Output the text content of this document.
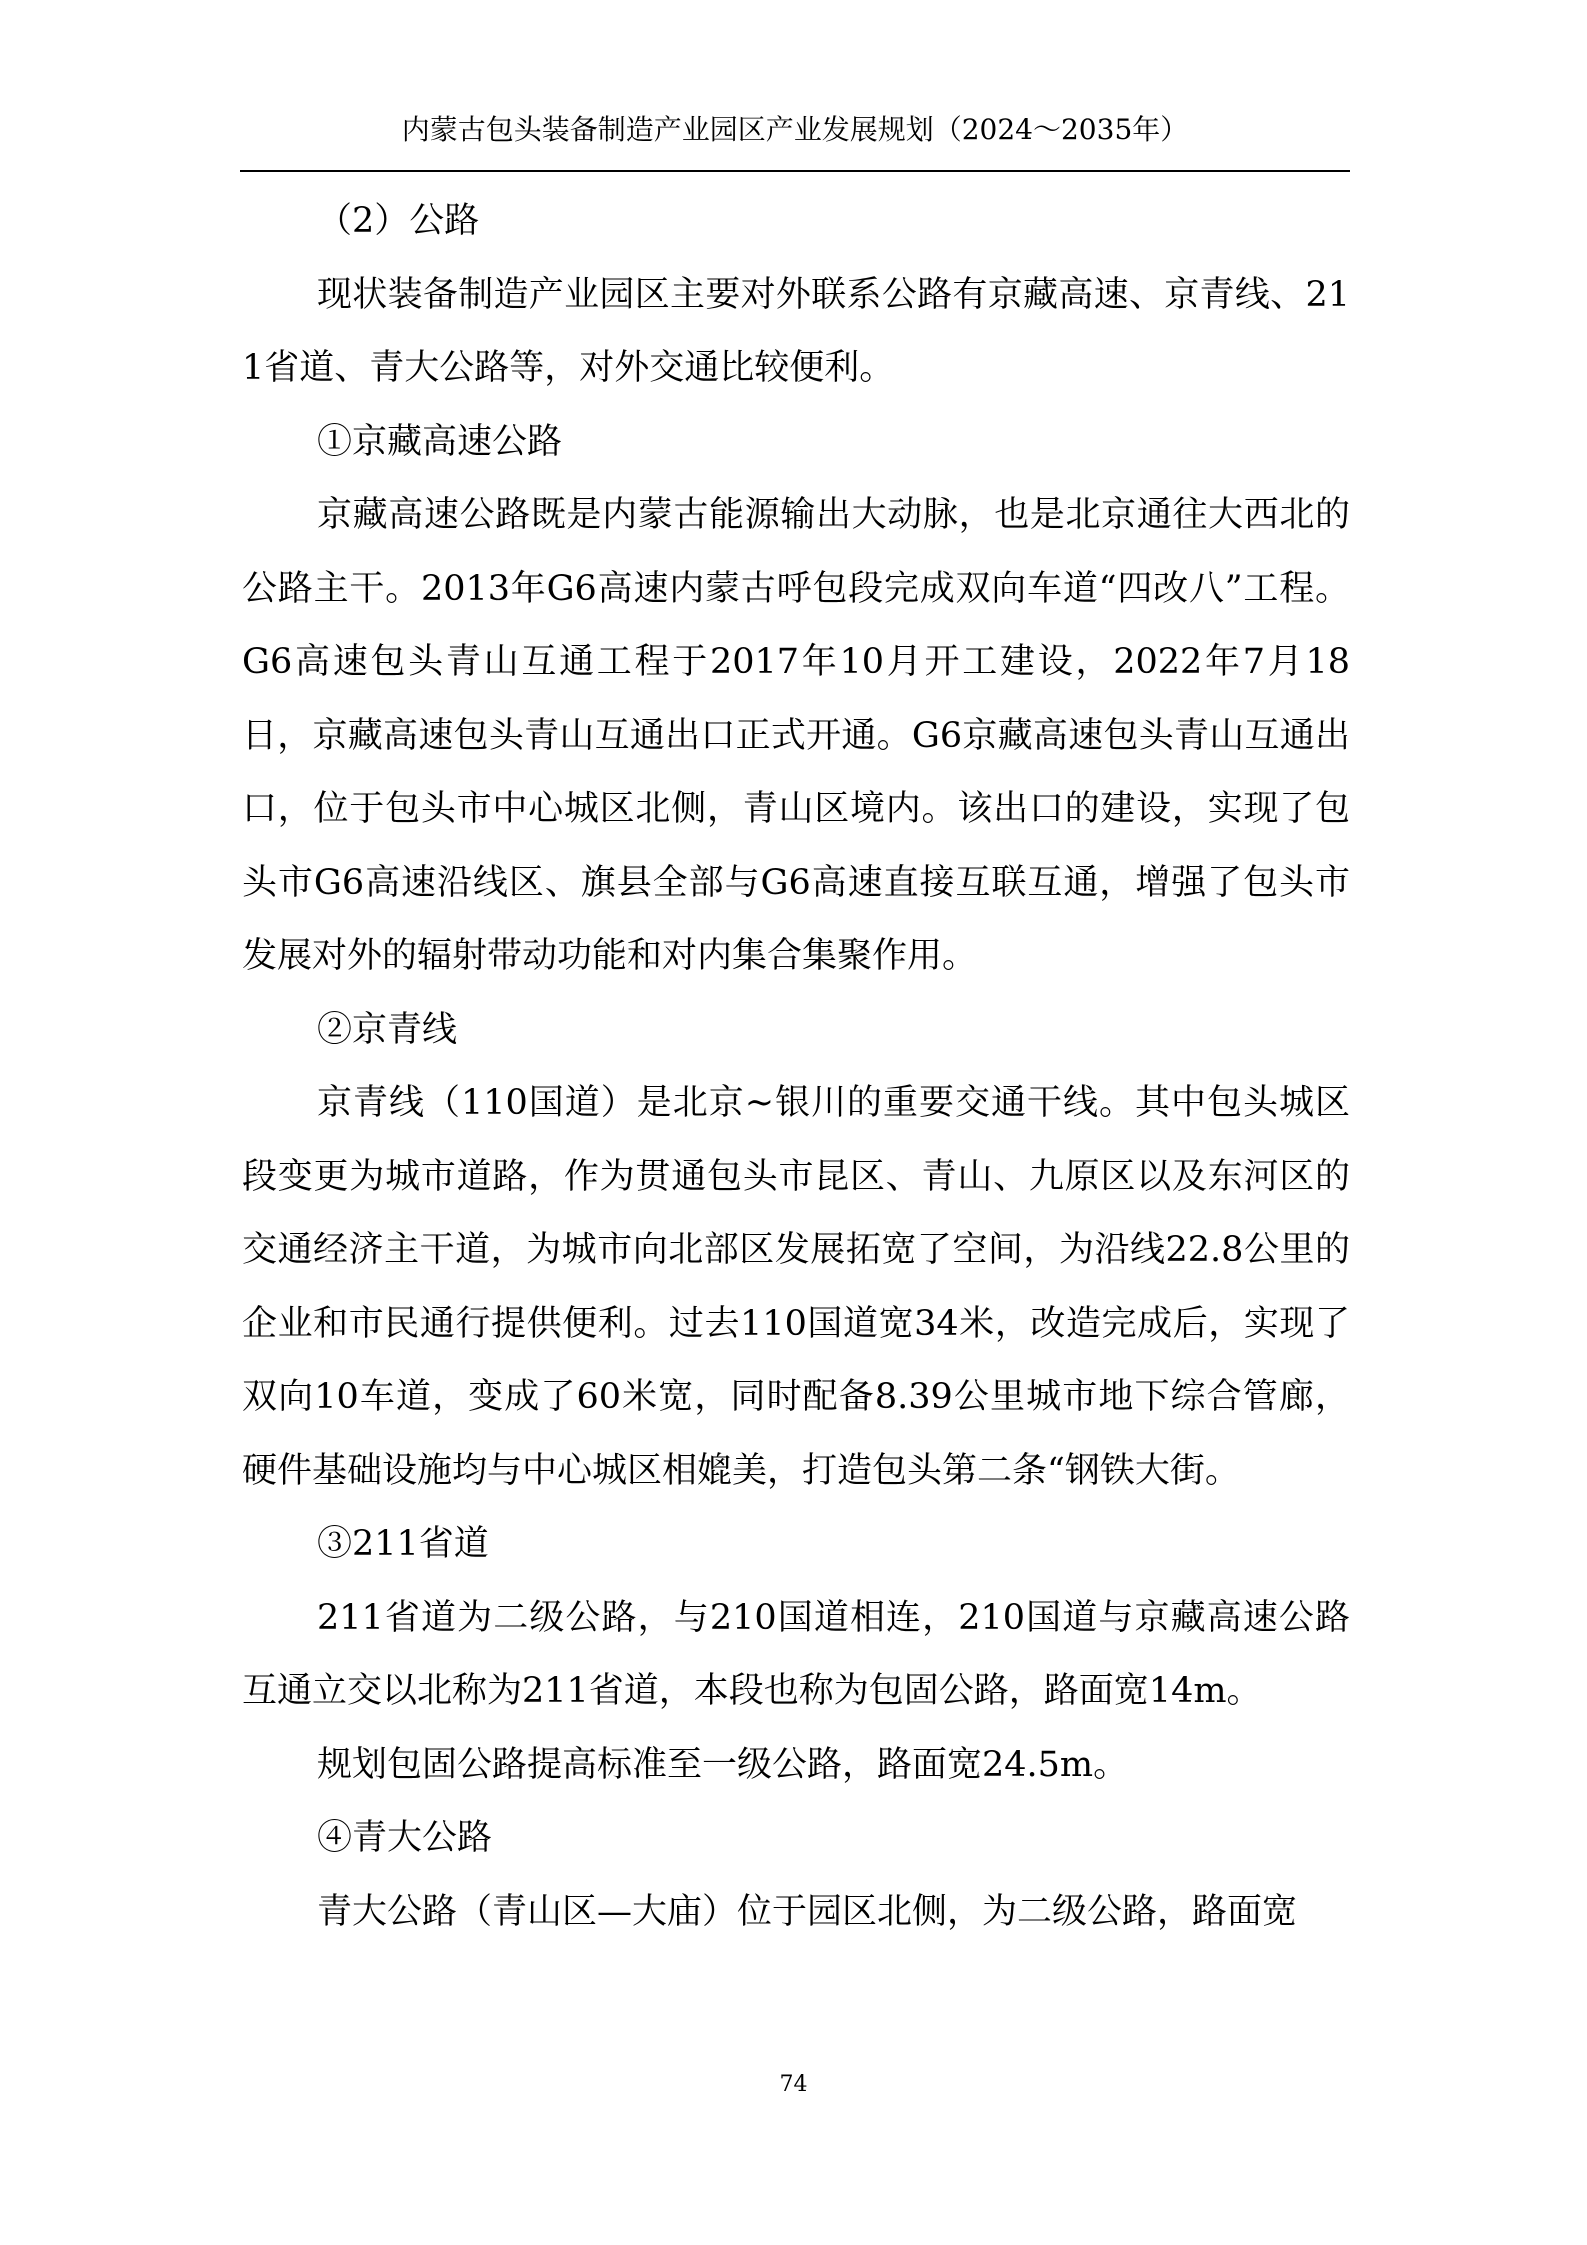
内蒙古包头装备制造产业园区产业发展规划（2024～2035年）

（2）公路

现状装备制造产业园区主要对外联系公路有京藏高速、京青线、211省道、青大公路等，对外交通比较便利。

①京藏高速公路

京藏高速公路既是内蒙古能源输出大动脉，也是北京通往大西北的公路主干。2013年G6高速内蒙古呼包段完成双向车道“四改八”工程。G6高速包头青山互通工程于2017年10月开工建设，2022年7月18日，京藏高速包头青山互通出口正式开通。G6京藏高速包头青山互通出口，位于包头市中心城区北侧，青山区境内。该出口的建设，实现了包头市G6高速沿线区、旗县全部与G6高速直接互联互通，增强了包头市发展对外的辐射带动功能和对内集合集聚作用。

②京青线

京青线（110国道）是北京~银川的重要交通干线。其中包头城区段变更为城市道路，作为贯通包头市昆区、青山、九原区以及东河区的交通经济主干道，为城市向北部区发展拓宽了空间，为沿线22.8公里的企业和市民通行提供便利。过去110国道宽34米，改造完成后，实现了双向10车道，变成了60米宽，同时配备8.39公里城市地下综合管廊，硬件基础设施均与中心城区相媲美，打造包头第二条“钢铁大街。

③211省道

211省道为二级公路，与210国道相连，210国道与京藏高速公路互通立交以北称为211省道，本段也称为包固公路，路面宽14m。

规划包固公路提高标准至一级公路，路面宽24.5m。

④青大公路

青大公路（青山区—大庙）位于园区北侧，为二级公路，路面宽

74
